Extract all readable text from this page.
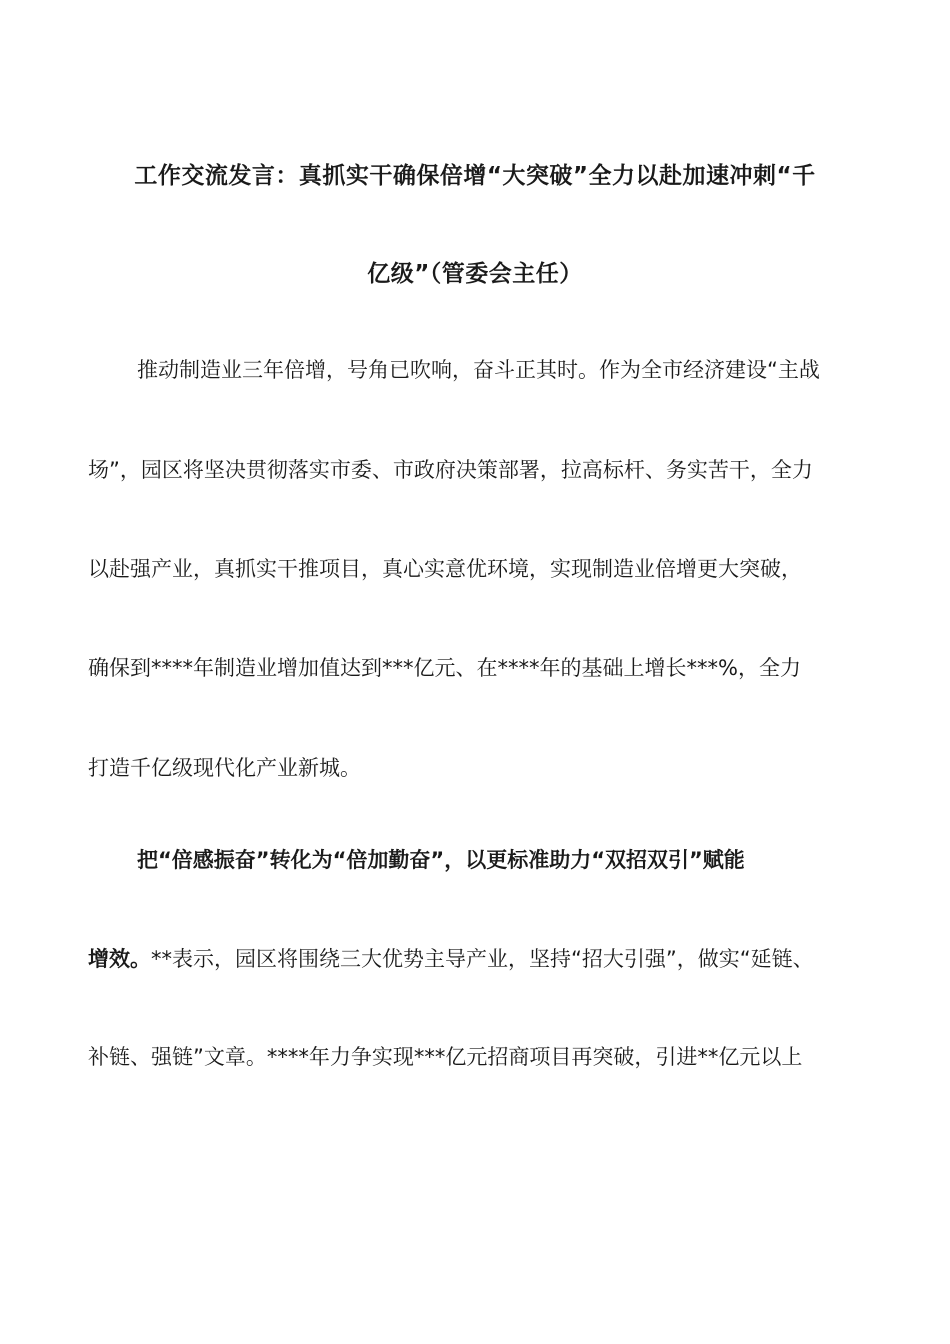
工作交流发言：真抓实干确保倍增“大突破”全力以赴加速冲刺“千
亿级”（管委会主任）
推动制造业三年倍增，号角已吹响，奋斗正其时。作为全市经济建设“主战
场”，园区将坚决贯彻落实市委、市政府决策部署，拉高标杆、务实苦干，全力
以赴强产业，真抓实干推项目，真心实意优环境，实现制造业倍增更大突破，
确保到****年制造业增加值达到***亿元、在****年的基础上增长***%，全力
打造千亿级现代化产业新城。
把“倍感振奋”转化为“倍加勤奋”，以更标准助力“双招双引”赋能
增效。**表示，园区将围绕三大优势主导产业，坚持“招大引强”，做实“延链、
补链、强链”文章。****年力争实现***亿元招商项目再突破，引进**亿元以上
